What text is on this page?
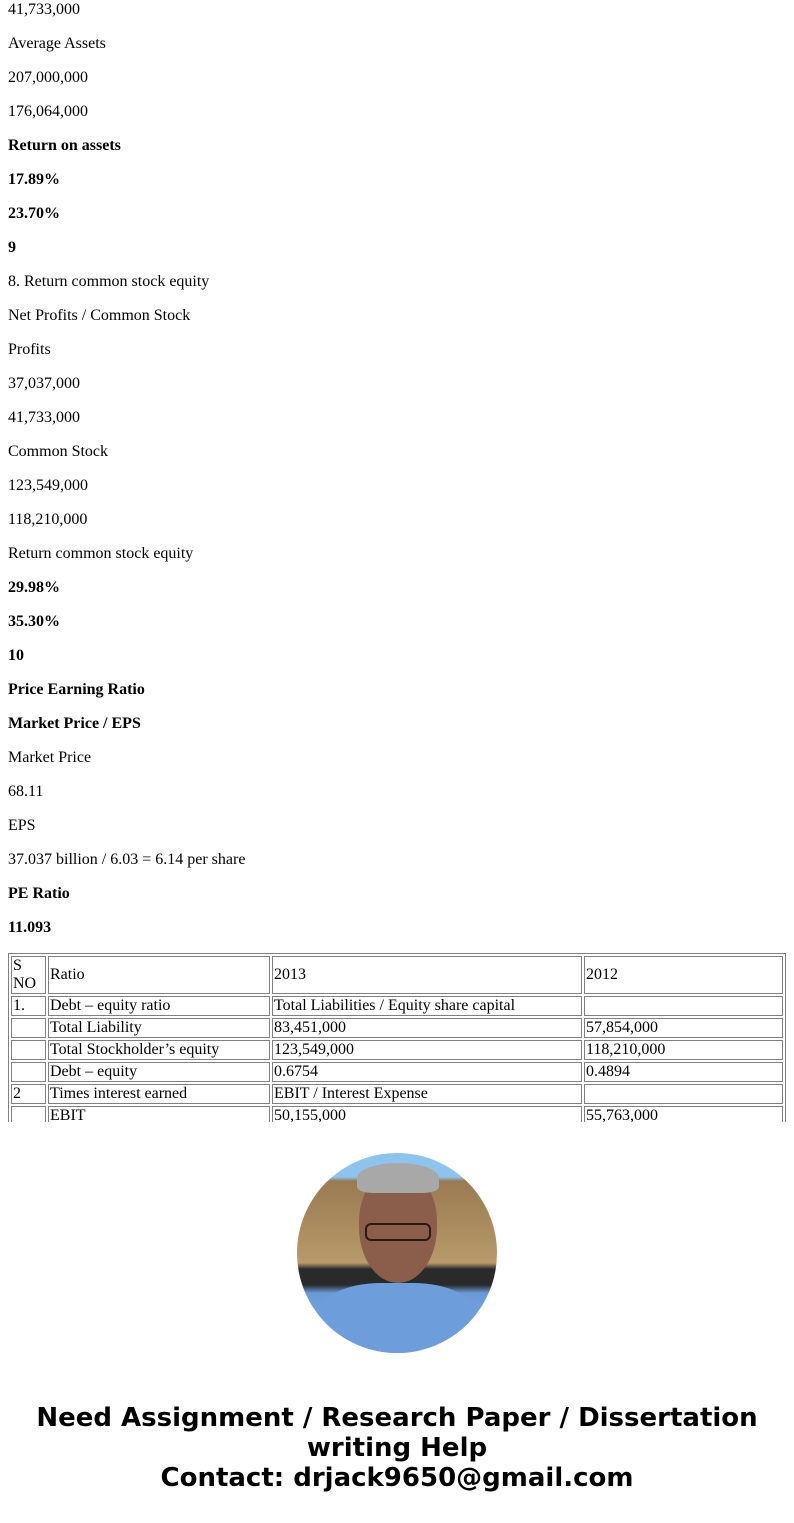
41,733,000

Average Assets

207,000,000

176,064,000

Return on assets

17.89%

23.70%

9

8. Return common stock equity

Net Profits / Common Stock

Profits

37,037,000

41,733,000

Common Stock

123,549,000

118,210,000

Return common stock equity

29.98%

35.30%

10

Price Earning Ratio

Market Price / EPS

Market Price

68.11

EPS

37.037 billion / 6.03 = 6.14 per share

PE Ratio

11.093

S NO	Ratio	2013	2012
1.	Debt – equity ratio	Total Liabilities / Equity share capital	
	Total Liability	83,451,000	57,854,000
	Total Stockholder’s equity	123,549,000	118,210,000
	Debt – equity	0.6754	0.4894
2	Times interest earned	EBIT / Interest Expense	
	EBIT	50,155,000	55,763,000
Need Assignment / Research Paper / Dissertation writing Help
Contact: drjack9650@gmail.com
